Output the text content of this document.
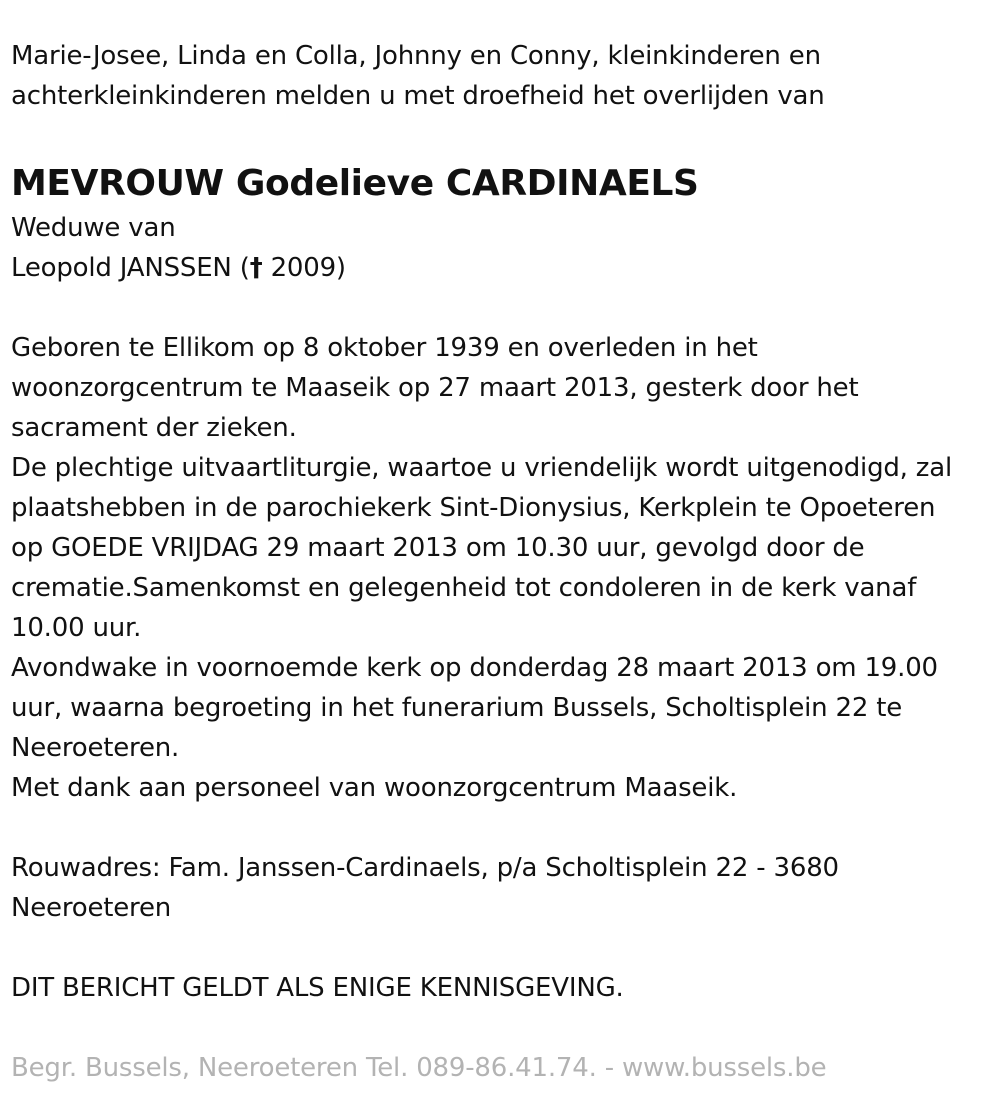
Marie-Josee, Linda en Colla, Johnny en Conny, kleinkinderen en
achterkleinkinderen melden u met droefheid het overlijden van
MEVROUW Godelieve CARDINAELS
Weduwe van
Leopold JANSSEN († 2009)
Geboren te Ellikom op 8 oktober 1939 en overleden in het
woonzorgcentrum te Maaseik op 27 maart 2013, gesterk door het
sacrament der zieken.
De plechtige uitvaartliturgie, waartoe u vriendelijk wordt uitgenodigd, zal
plaatshebben in de parochiekerk Sint-Dionysius, Kerkplein te Opoeteren
op GOEDE VRIJDAG 29 maart 2013 om 10.30 uur, gevolgd door de
crematie.Samenkomst en gelegenheid tot condoleren in de kerk vanaf
10.00 uur.
Avondwake in voornoemde kerk op donderdag 28 maart 2013 om 19.00
uur, waarna begroeting in het funerarium Bussels, Scholtisplein 22 te
Neeroeteren.
Met dank aan personeel van woonzorgcentrum Maaseik.
Rouwadres: Fam. Janssen-Cardinaels, p/a Scholtisplein 22 - 3680
Neeroeteren
DIT BERICHT GELDT ALS ENIGE KENNISGEVING.
Begr. Bussels, Neeroeteren Tel. 089-86.41.74. - www.bussels.be
